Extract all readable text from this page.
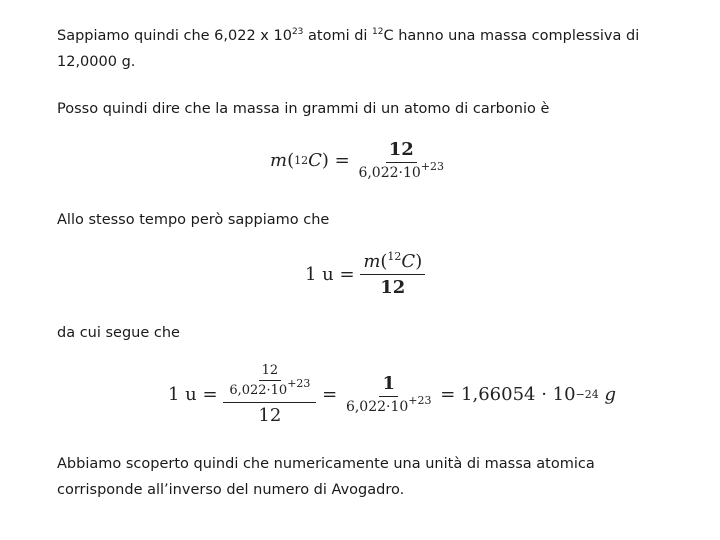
Sappiamo quindi che 6,022 x $10^{23}$ atomi di $^{12}$C hanno una massa complessiva di
12,0000 g.

Posso quindi dire che la massa in grammi di un atomo di carbonio è

m ( 12 C ) = $\frac{12}{6,022\cdot 10^{+23}}$

Allo stesso tempo però sappiamo che

1 $u = \frac{m(^{12}C)}{12}$

da cui segue che

1 $u = \frac{\frac{12}{6,022\cdot 10^{+23}}}{12} = \frac{1}{6,022\cdot 10^{+23}} = 1,66054 \cdot 10 -24$
g

Abbiamo scoperto quindi che numericamente una unità di massa atomica
corrisponde all’inverso del numero di Avogadro.
